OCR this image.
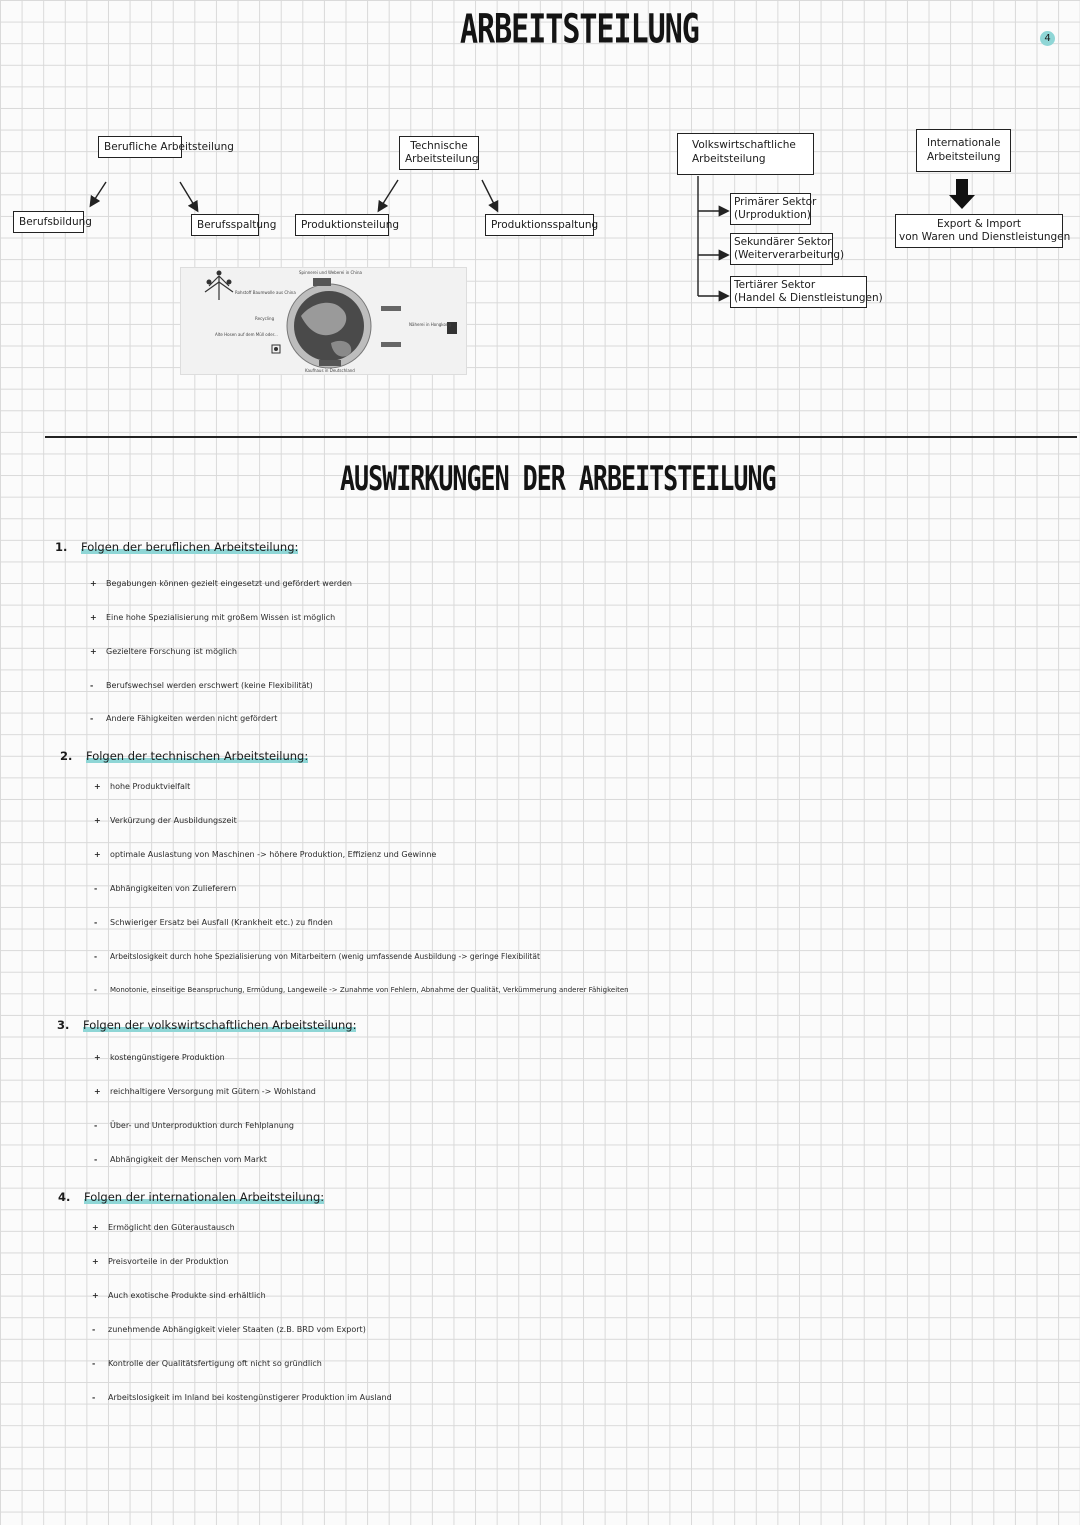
ARBEITSTEILUNG	4
Berufliche Arbeitsteilung
Berufsbildung	Berufsspaltung
Technische Arbeitsteilung
Produktionsteilung	Produktionsspaltung
Volkswirtschaftliche Arbeitsteilung
Primärer Sektor
(Urproduktion)
Sekundärer Sektor
(Weiterverarbeitung)
Tertiärer Sektor
(Handel & Dienstleistungen)
Internationale Arbeitsteilung
Export & Import
von Waren und Dienstleistungen
Spinnerei und Weberei in China
Rohstoff Baumwolle aus China
Alte Hosen auf dem Müll oder...
Recycling
Näherei in Hongkong
Kaufhaus in Deutschland
AUSWIRKUNGEN DER ARBEITSTEILUNG
1. Folgen der beruflichen Arbeitsteilung:
+ Begabungen können gezielt eingesetzt und gefördert werden
+ Eine hohe Spezialisierung mit großem Wissen ist möglich
+ Gezieltere Forschung ist möglich
- Berufswechsel werden erschwert (keine Flexibilität)
- Andere Fähigkeiten werden nicht gefördert
2. Folgen der technischen Arbeitsteilung:
+ hohe Produktvielfalt
+ Verkürzung der Ausbildungszeit
+ optimale Auslastung von Maschinen -> höhere Produktion, Effizienz und Gewinne
- Abhängigkeiten von Zulieferern
- Schwieriger Ersatz bei Ausfall (Krankheit etc.) zu finden
- Arbeitslosigkeit durch hohe Spezialisierung von Mitarbeitern (wenig umfassende Ausbildung -> geringe Flexibilität
- Monotonie, einseitige Beanspruchung, Ermüdung, Langeweile -> Zunahme von Fehlern, Abnahme der Qualität, Verkümmerung anderer Fähigkeiten
3. Folgen der volkswirtschaftlichen Arbeitsteilung:
+ kostengünstigere Produktion
+ reichhaltigere Versorgung mit Gütern -> Wohlstand
- Über- und Unterproduktion durch Fehlplanung
- Abhängigkeit der Menschen vom Markt
4. Folgen der internationalen Arbeitsteilung:
+ Ermöglicht den Güteraustausch
+ Preisvorteile in der Produktion
+ Auch exotische Produkte sind erhältlich
- zunehmende Abhängigkeit vieler Staaten (z.B. BRD vom Export)
- Kontrolle der Qualitätsfertigung oft nicht so gründlich
- Arbeitslosigkeit im Inland bei kostengünstigerer Produktion im Ausland
